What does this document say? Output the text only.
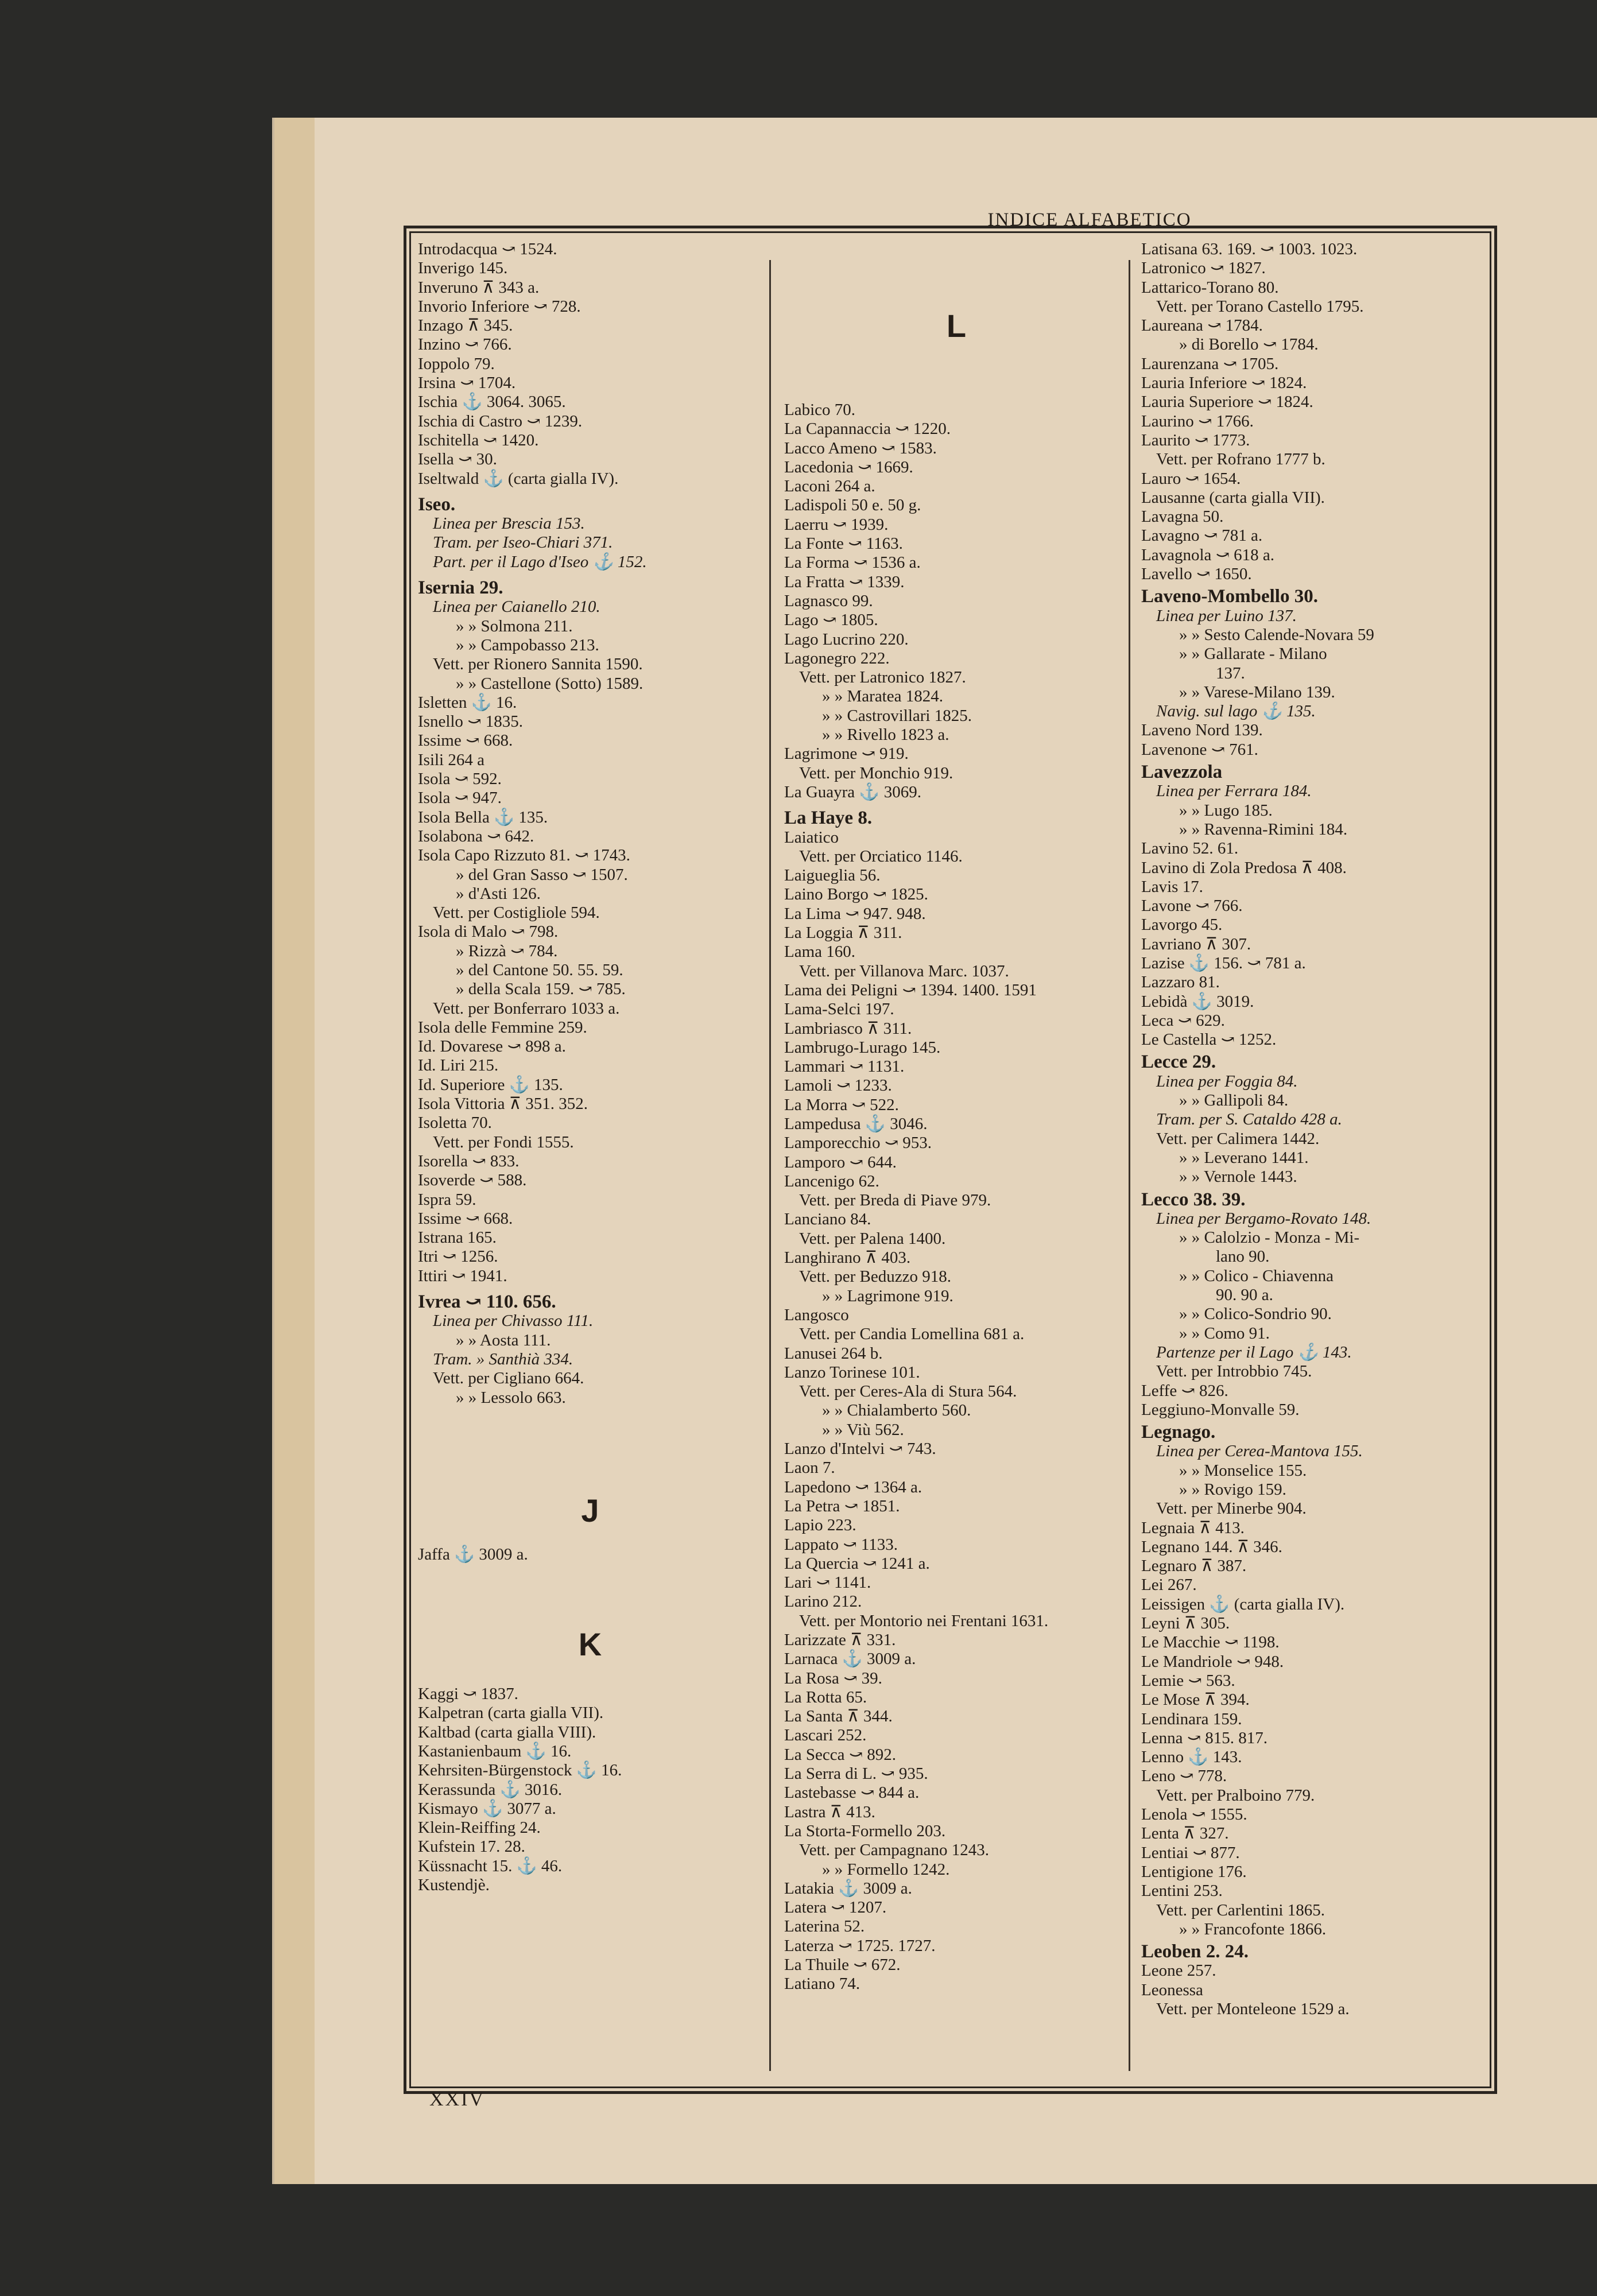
INDICE ALFABETICO
Introdacqua ⤻ 1524.
Inverigo 145.
Inveruno ⊼ 343 a.
Invorio Inferiore ⤻ 728.
Inzago ⊼ 345.
Inzino ⤻ 766.
Ioppolo 79.
Irsina ⤻ 1704.
Ischia ⚓ 3064. 3065.
Ischia di Castro ⤻ 1239.
Ischitella ⤻ 1420.
Isella ⤻ 30.
Iseltwald ⚓ (carta gialla IV).
Iseo.
Linea per Brescia 153.
Tram. per Iseo-Chiari 371.
Part. per il Lago d'Iseo ⚓ 152.
Isernia 29.
Linea per Caianello 210.
» » Solmona 211.
» » Campobasso 213.
Vett. per Rionero Sannita 1590.
» » Castellone (Sotto) 1589.
Isletten ⚓ 16.
Isnello ⤻ 1835.
Issime ⤻ 668.
Isili 264 a
Isola ⤻ 592.
Isola ⤻ 947.
Isola Bella ⚓ 135.
Isolabona ⤻ 642.
Isola Capo Rizzuto 81. ⤻ 1743.
» del Gran Sasso ⤻ 1507.
» d'Asti 126.
Vett. per Costigliole 594.
Isola di Malo ⤻ 798.
» Rizzà ⤻ 784.
» del Cantone 50. 55. 59.
» della Scala 159. ⤻ 785.
Vett. per Bonferraro 1033 a.
Isola delle Femmine 259.
Id. Dovarese ⤻ 898 a.
Id. Liri 215.
Id. Superiore ⚓ 135.
Isola Vittoria ⊼ 351. 352.
Isoletta 70.
Vett. per Fondi 1555.
Isorella ⤻ 833.
Isoverde ⤻ 588.
Ispra 59.
Issime ⤻ 668.
Istrana 165.
Itri ⤻ 1256.
Ittiri ⤻ 1941.
Ivrea ⤻ 110. 656.
Linea per Chivasso 111.
» » Aosta 111.
Tram. » Santhià 334.
Vett. per Cigliano 664.
» » Lessolo 663.
J
Jaffa ⚓ 3009 a.
K
Kaggi ⤻ 1837.
Kalpetran (carta gialla VII).
Kaltbad (carta gialla VIII).
Kastanienbaum ⚓ 16.
Kehrsiten-Bürgenstock ⚓ 16.
Kerassunda ⚓ 3016.
Kismayo ⚓ 3077 a.
Klein-Reiffing 24.
Kufstein 17. 28.
Küssnacht 15. ⚓ 46.
Kustendjè.
L
Labico 70.
La Capannaccia ⤻ 1220.
Lacco Ameno ⤻ 1583.
Lacedonia ⤻ 1669.
Laconi 264 a.
Ladispoli 50 e. 50 g.
Laerru ⤻ 1939.
La Fonte ⤻ 1163.
La Forma ⤻ 1536 a.
La Fratta ⤻ 1339.
Lagnasco 99.
Lago ⤻ 1805.
Lago Lucrino 220.
Lagonegro 222.
Vett. per Latronico 1827.
» » Maratea 1824.
» » Castrovillari 1825.
» » Rivello 1823 a.
Lagrimone ⤻ 919.
Vett. per Monchio 919.
La Guayra ⚓ 3069.
La Haye 8.
Laiatico
Vett. per Orciatico 1146.
Laigueglia 56.
Laino Borgo ⤻ 1825.
La Lima ⤻ 947. 948.
La Loggia ⊼ 311.
Lama 160.
Vett. per Villanova Marc. 1037.
Lama dei Peligni ⤻ 1394. 1400. 1591
Lama-Selci 197.
Lambriasco ⊼ 311.
Lambrugo-Lurago 145.
Lammari ⤻ 1131.
Lamoli ⤻ 1233.
La Morra ⤻ 522.
Lampedusa ⚓ 3046.
Lamporecchio ⤻ 953.
Lamporo ⤻ 644.
Lancenigo 62.
Vett. per Breda di Piave 979.
Lanciano 84.
Vett. per Palena 1400.
Langhirano ⊼ 403.
Vett. per Beduzzo 918.
» » Lagrimone 919.
Langosco
Vett. per Candia Lomellina 681 a.
Lanusei 264 b.
Lanzo Torinese 101.
Vett. per Ceres-Ala di Stura 564.
» » Chialamberto 560.
» » Viù 562.
Lanzo d'Intelvi ⤻ 743.
Laon 7.
Lapedono ⤻ 1364 a.
La Petra ⤻ 1851.
Lapio 223.
Lappato ⤻ 1133.
La Quercia ⤻ 1241 a.
Lari ⤻ 1141.
Larino 212.
Vett. per Montorio nei Frentani 1631.
Larizzate ⊼ 331.
Larnaca ⚓ 3009 a.
La Rosa ⤻ 39.
La Rotta 65.
La Santa ⊼ 344.
Lascari 252.
La Secca ⤻ 892.
La Serra di L. ⤻ 935.
Lastebasse ⤻ 844 a.
Lastra ⊼ 413.
La Storta-Formello 203.
Vett. per Campagnano 1243.
» » Formello 1242.
Latakia ⚓ 3009 a.
Latera ⤻ 1207.
Laterina 52.
Laterza ⤻ 1725. 1727.
La Thuile ⤻ 672.
Latiano 74.
Latisana 63. 169. ⤻ 1003. 1023.
Latronico ⤻ 1827.
Lattarico-Torano 80.
Vett. per Torano Castello 1795.
Laureana ⤻ 1784.
» di Borello ⤻ 1784.
Laurenzana ⤻ 1705.
Lauria Inferiore ⤻ 1824.
Lauria Superiore ⤻ 1824.
Laurino ⤻ 1766.
Laurito ⤻ 1773.
Vett. per Rofrano 1777 b.
Lauro ⤻ 1654.
Lausanne (carta gialla VII).
Lavagna 50.
Lavagno ⤻ 781 a.
Lavagnola ⤻ 618 a.
Lavello ⤻ 1650.
Laveno-Mombello 30.
Linea per Luino 137.
» » Sesto Calende-Novara 59
» » Gallarate - Milano
137.
» » Varese-Milano 139.
Navig. sul lago ⚓ 135.
Laveno Nord 139.
Lavenone ⤻ 761.
Lavezzola
Linea per Ferrara 184.
» » Lugo 185.
» » Ravenna-Rimini 184.
Lavino 52. 61.
Lavino di Zola Predosa ⊼ 408.
Lavis 17.
Lavone ⤻ 766.
Lavorgo 45.
Lavriano ⊼ 307.
Lazise ⚓ 156. ⤻ 781 a.
Lazzaro 81.
Lebidà ⚓ 3019.
Leca ⤻ 629.
Le Castella ⤻ 1252.
Lecce 29.
Linea per Foggia 84.
» » Gallipoli 84.
Tram. per S. Cataldo 428 a.
Vett. per Calimera 1442.
» » Leverano 1441.
» » Vernole 1443.
Lecco 38. 39.
Linea per Bergamo-Rovato 148.
» » Calolzio - Monza - Mi-
lano 90.
» » Colico - Chiavenna
90. 90 a.
» » Colico-Sondrio 90.
» » Como 91.
Partenze per il Lago ⚓ 143.
Vett. per Introbbio 745.
Leffe ⤻ 826.
Leggiuno-Monvalle 59.
Legnago.
Linea per Cerea-Mantova 155.
» » Monselice 155.
» » Rovigo 159.
Vett. per Minerbe 904.
Legnaia ⊼ 413.
Legnano 144. ⊼ 346.
Legnaro ⊼ 387.
Lei 267.
Leissigen ⚓ (carta gialla IV).
Leyni ⊼ 305.
Le Macchie ⤻ 1198.
Le Mandriole ⤻ 948.
Lemie ⤻ 563.
Le Mose ⊼ 394.
Lendinara 159.
Lenna ⤻ 815. 817.
Lenno ⚓ 143.
Leno ⤻ 778.
Vett. per Pralboino 779.
Lenola ⤻ 1555.
Lenta ⊼ 327.
Lentiai ⤻ 877.
Lentigione 176.
Lentini 253.
Vett. per Carlentini 1865.
» » Francofonte 1866.
Leoben 2. 24.
Leone 257.
Leonessa
Vett. per Monteleone 1529 a.
XXIV
